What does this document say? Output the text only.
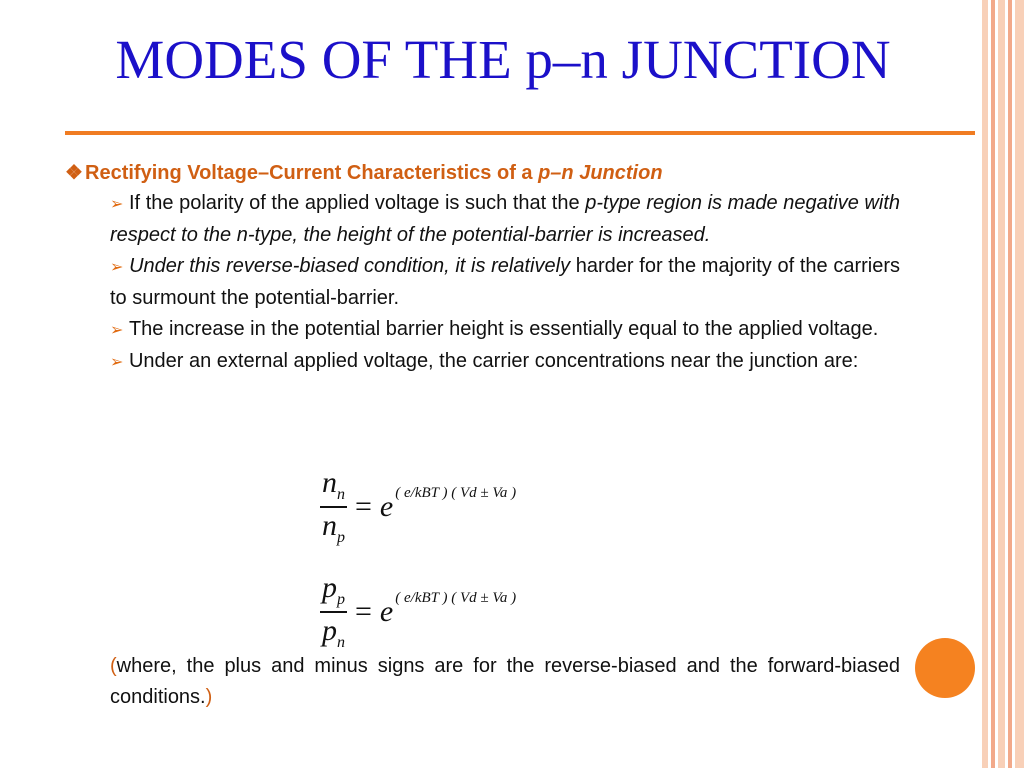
MODES OF THE p–n JUNCTION
❖ Rectifying Voltage–Current Characteristics of a p–n Junction

➢ If the polarity of the applied voltage is such that the p-type region is made negative with respect to the n-type, the height of the potential-barrier is increased.

➢ Under this reverse-biased condition, it is relatively harder for the majority of the carriers to surmount the potential-barrier.

➢ The increase in the potential barrier height is essentially equal to the applied voltage.

➢ Under an external applied voltage, the carrier concentrations near the junction are:

$\frac{n_n}{n_p} = e$ ( e/kBT ) ( Vd ± Va )
$\frac{p_p}{p_n} = e$ ( e/kBT ) ( Vd ± Va )
(where, the plus and minus signs are for the reverse-biased and the forward-biased conditions.)
